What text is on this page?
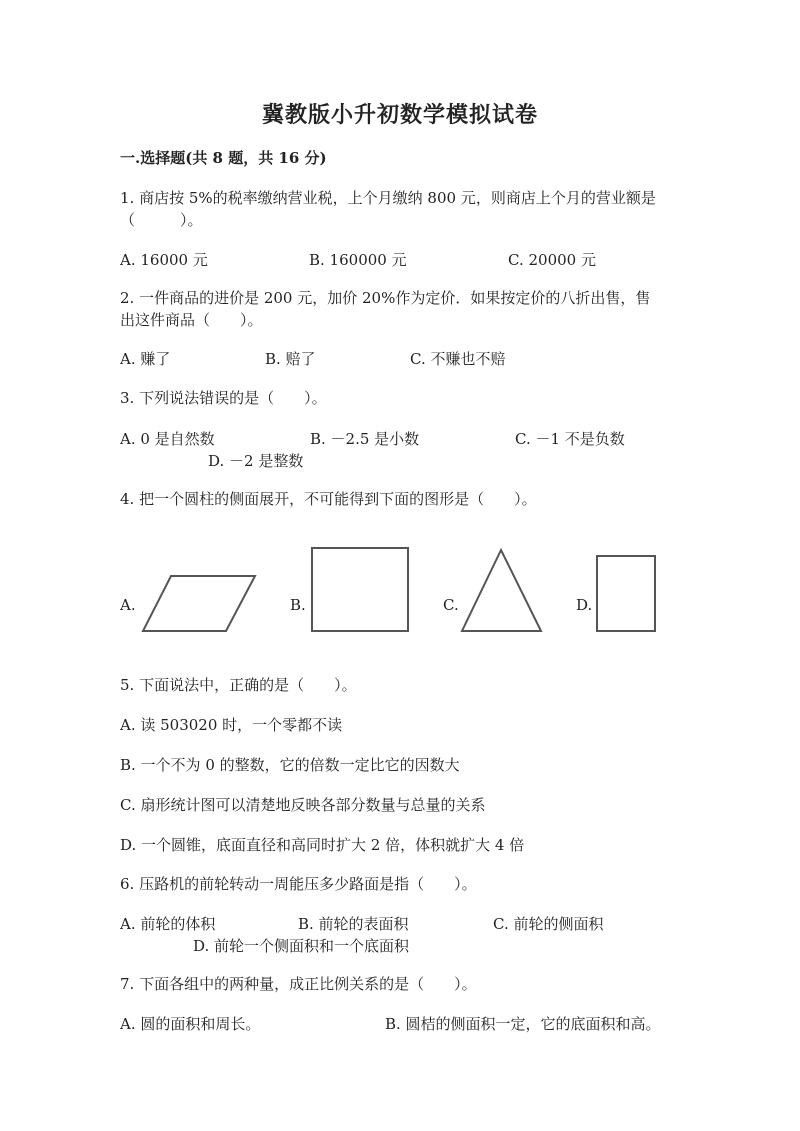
冀教版小升初数学模拟试卷
一.选择题(共 8 题，共 16 分)
1. 商店按 5%的税率缴纳营业税，上个月缴纳 800 元，则商店上个月的营业额是
（　　　）。
A. 16000 元	B. 160000 元	C. 20000 元
2. 一件商品的进价是 200 元，加价 20%作为定价．如果按定价的八折出售，售
出这件商品（　　）。
A. 赚了	B. 赔了	C. 不赚也不赔
3. 下列说法错误的是（　　）。
A. 0 是自然数	B. －2.5 是小数	C. －1 不是负数
D. －2 是整数
4. 把一个圆柱的侧面展开，不可能得到下面的图形是（　　）。
A.	B.	C.	D.
5. 下面说法中，正确的是（　　）。
A. 读 503020 时，一个零都不读
B. 一个不为 0 的整数，它的倍数一定比它的因数大
C. 扇形统计图可以清楚地反映各部分数量与总量的关系
D. 一个圆锥，底面直径和高同时扩大 2 倍，体积就扩大 4 倍
6. 压路机的前轮转动一周能压多少路面是指（　　）。
A. 前轮的体积	B. 前轮的表面积	C. 前轮的侧面积
D. 前轮一个侧面积和一个底面积
7. 下面各组中的两种量，成正比例关系的是（　　）。
A. 圆的面积和周长。	B. 圆桔的侧面积一定，它的底面积和高。
